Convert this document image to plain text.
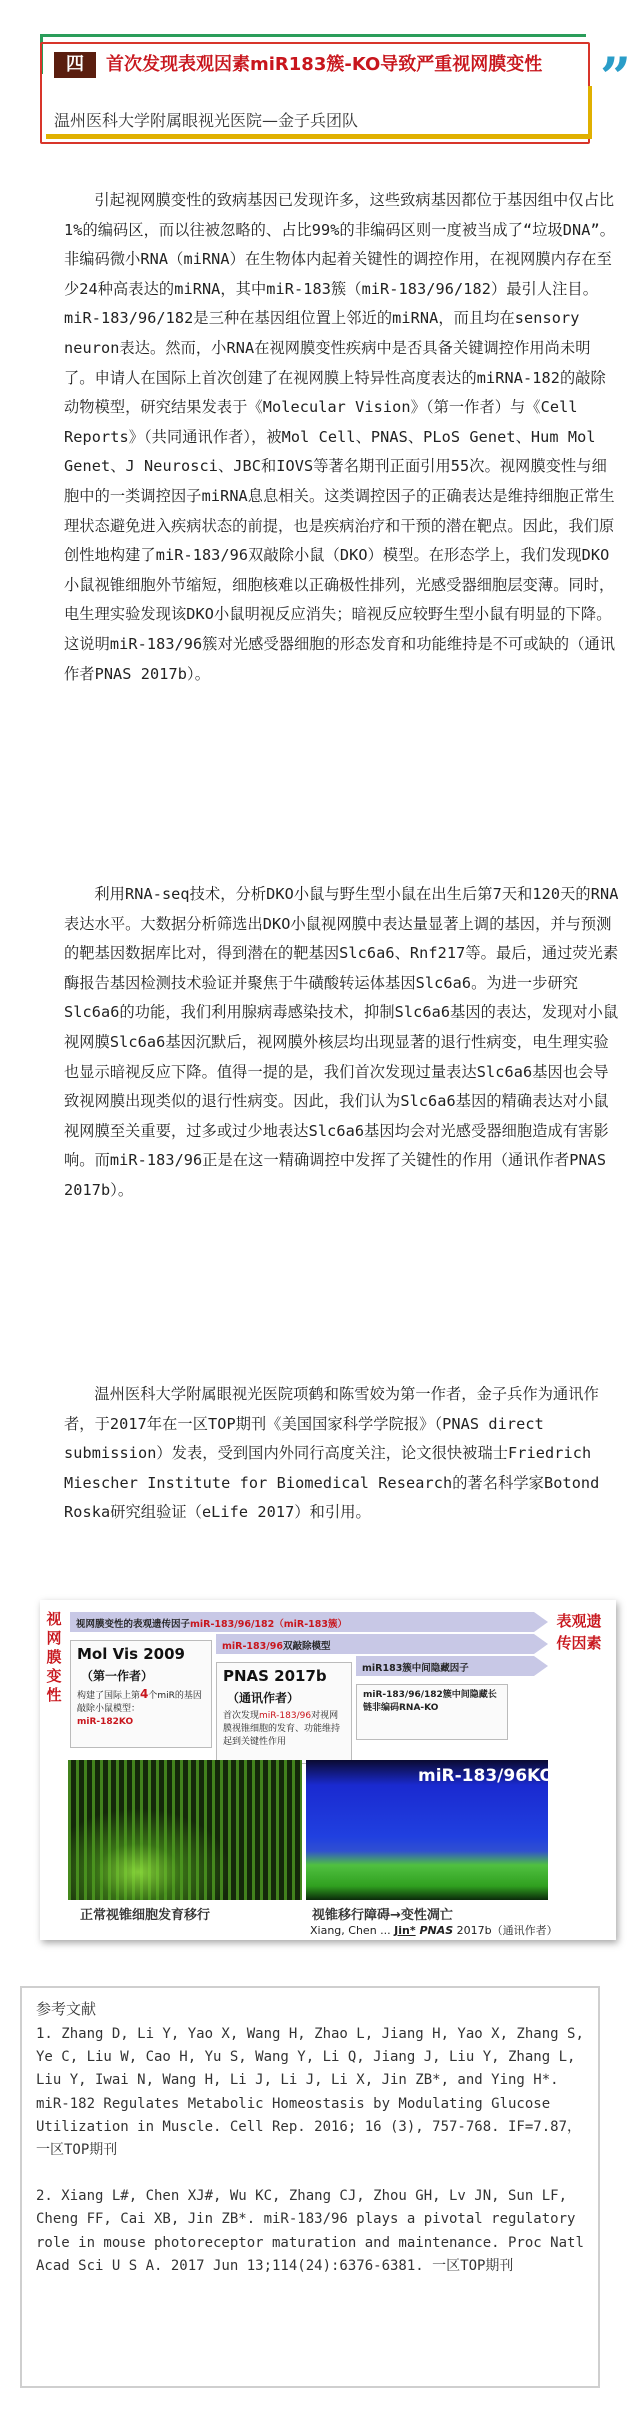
”
四	首次发现表观因素miR183簇-KO导致严重视网膜变性
温州医科大学附属眼视光医院—金子兵团队

引起视网膜变性的致病基因已发现许多，这些致病基因都位于基因组中仅占比1%的编码区，而以往被忽略的、占比99%的非编码区则一度被当成了“垃圾DNA”。非编码微小RNA（miRNA）在生物体内起着关键性的调控作用，在视网膜内存在至少24种高表达的miRNA，其中miR-183簇（miR-183/96/182）最引人注目。miR-183/96/182是三种在基因组位置上邻近的miRNA，而且均在sensory neuron表达。然而，小RNA在视网膜变性疾病中是否具备关键调控作用尚未明了。申请人在国际上首次创建了在视网膜上特异性高度表达的miRNA-182的敲除动物模型，研究结果发表于《Molecular Vision》（第一作者）与《Cell Reports》（共同通讯作者），被Mol Cell、PNAS、PLoS Genet、Hum Mol Genet、J Neurosci、JBC和IOVS等著名期刊正面引用55次。视网膜变性与细胞中的一类调控因子miRNA息息相关。这类调控因子的正确表达是维持细胞正常生理状态避免进入疾病状态的前提，也是疾病治疗和干预的潜在靶点。因此，我们原创性地构建了miR-183/96双敲除小鼠（DKO）模型。在形态学上，我们发现DKO小鼠视锥细胞外节缩短，细胞核难以正确极性排列，光感受器细胞层变薄。同时，电生理实验发现该DKO小鼠明视反应消失；暗视反应较野生型小鼠有明显的下降。这说明miR-183/96簇对光感受器细胞的形态发育和功能维持是不可或缺的（通讯作者PNAS 2017b）。

利用RNA-seq技术，分析DKO小鼠与野生型小鼠在出生后第7天和120天的RNA表达水平。大数据分析筛选出DKO小鼠视网膜中表达量显著上调的基因，并与预测的靶基因数据库比对，得到潜在的靶基因Slc6a6、Rnf217等。最后，通过荧光素酶报告基因检测技术验证并聚焦于牛磺酸转运体基因Slc6a6。为进一步研究Slc6a6的功能，我们利用腺病毒感染技术，抑制Slc6a6基因的表达，发现对小鼠视网膜Slc6a6基因沉默后，视网膜外核层均出现显著的退行性病变，电生理实验也显示暗视反应下降。值得一提的是，我们首次发现过量表达Slc6a6基因也会导致视网膜出现类似的退行性病变。因此，我们认为Slc6a6基因的精确表达对小鼠视网膜至关重要，过多或过少地表达Slc6a6基因均会对光感受器细胞造成有害影响。而miR-183/96正是在这一精确调控中发挥了关键性的作用（通讯作者PNAS 2017b）。

温州医科大学附属眼视光医院项鹤和陈雪姣为第一作者，金子兵作为通讯作者，于2017年在一区TOP期刊《美国国家科学学院报》（PNAS direct submission）发表，受到国内外同行高度关注，论文很快被瑞士Friedrich Miescher Institute for Biomedical Research的著名科学家Botond Roska研究组验证（eLife 2017）和引用。

视网膜变性
表观遗传因素
视网膜变性的表观遗传因子miR-183/96/182（miR-183簇）
miR-183/96双敲除模型
miR183簇中间隐藏因子
Mol Vis 2009
（第一作者）
构建了国际上第4个miR的基因敲除小鼠模型：
miR-182KO
PNAS 2017b
（通讯作者）
首次发现miR-183/96对视网膜视锥细胞的发育、功能维持起到关键性作用
miR-183/96/182簇中间隐藏长链非编码RNA-KO
miR-183/96KO
正常视锥细胞发育移行	视锥移行障碍→变性凋亡
Xiang, Chen ... Jin* PNAS 2017b（通讯作者）
参考文献

1. Zhang D, Li Y, Yao X, Wang H, Zhao L, Jiang H, Yao X, Zhang S, Ye C, Liu W, Cao H, Yu S, Wang Y, Li Q, Jiang J, Liu Y, Zhang L, Liu Y, Iwai N, Wang H, Li J, Li J, Li X, Jin ZB*, and Ying H*. miR-182 Regulates Metabolic Homeostasis by Modulating Glucose Utilization in Muscle. Cell Rep. 2016; 16 (3), 757-768. IF=7.87，一区TOP期刊

2. Xiang L#, Chen XJ#, Wu KC, Zhang CJ, Zhou GH, Lv JN, Sun LF, Cheng FF, Cai XB, Jin ZB*. miR-183/96 plays a pivotal regulatory role in mouse photoreceptor maturation and maintenance. Proc Natl Acad Sci U S A. 2017 Jun 13;114(24):6376-6381. 一区TOP期刊
